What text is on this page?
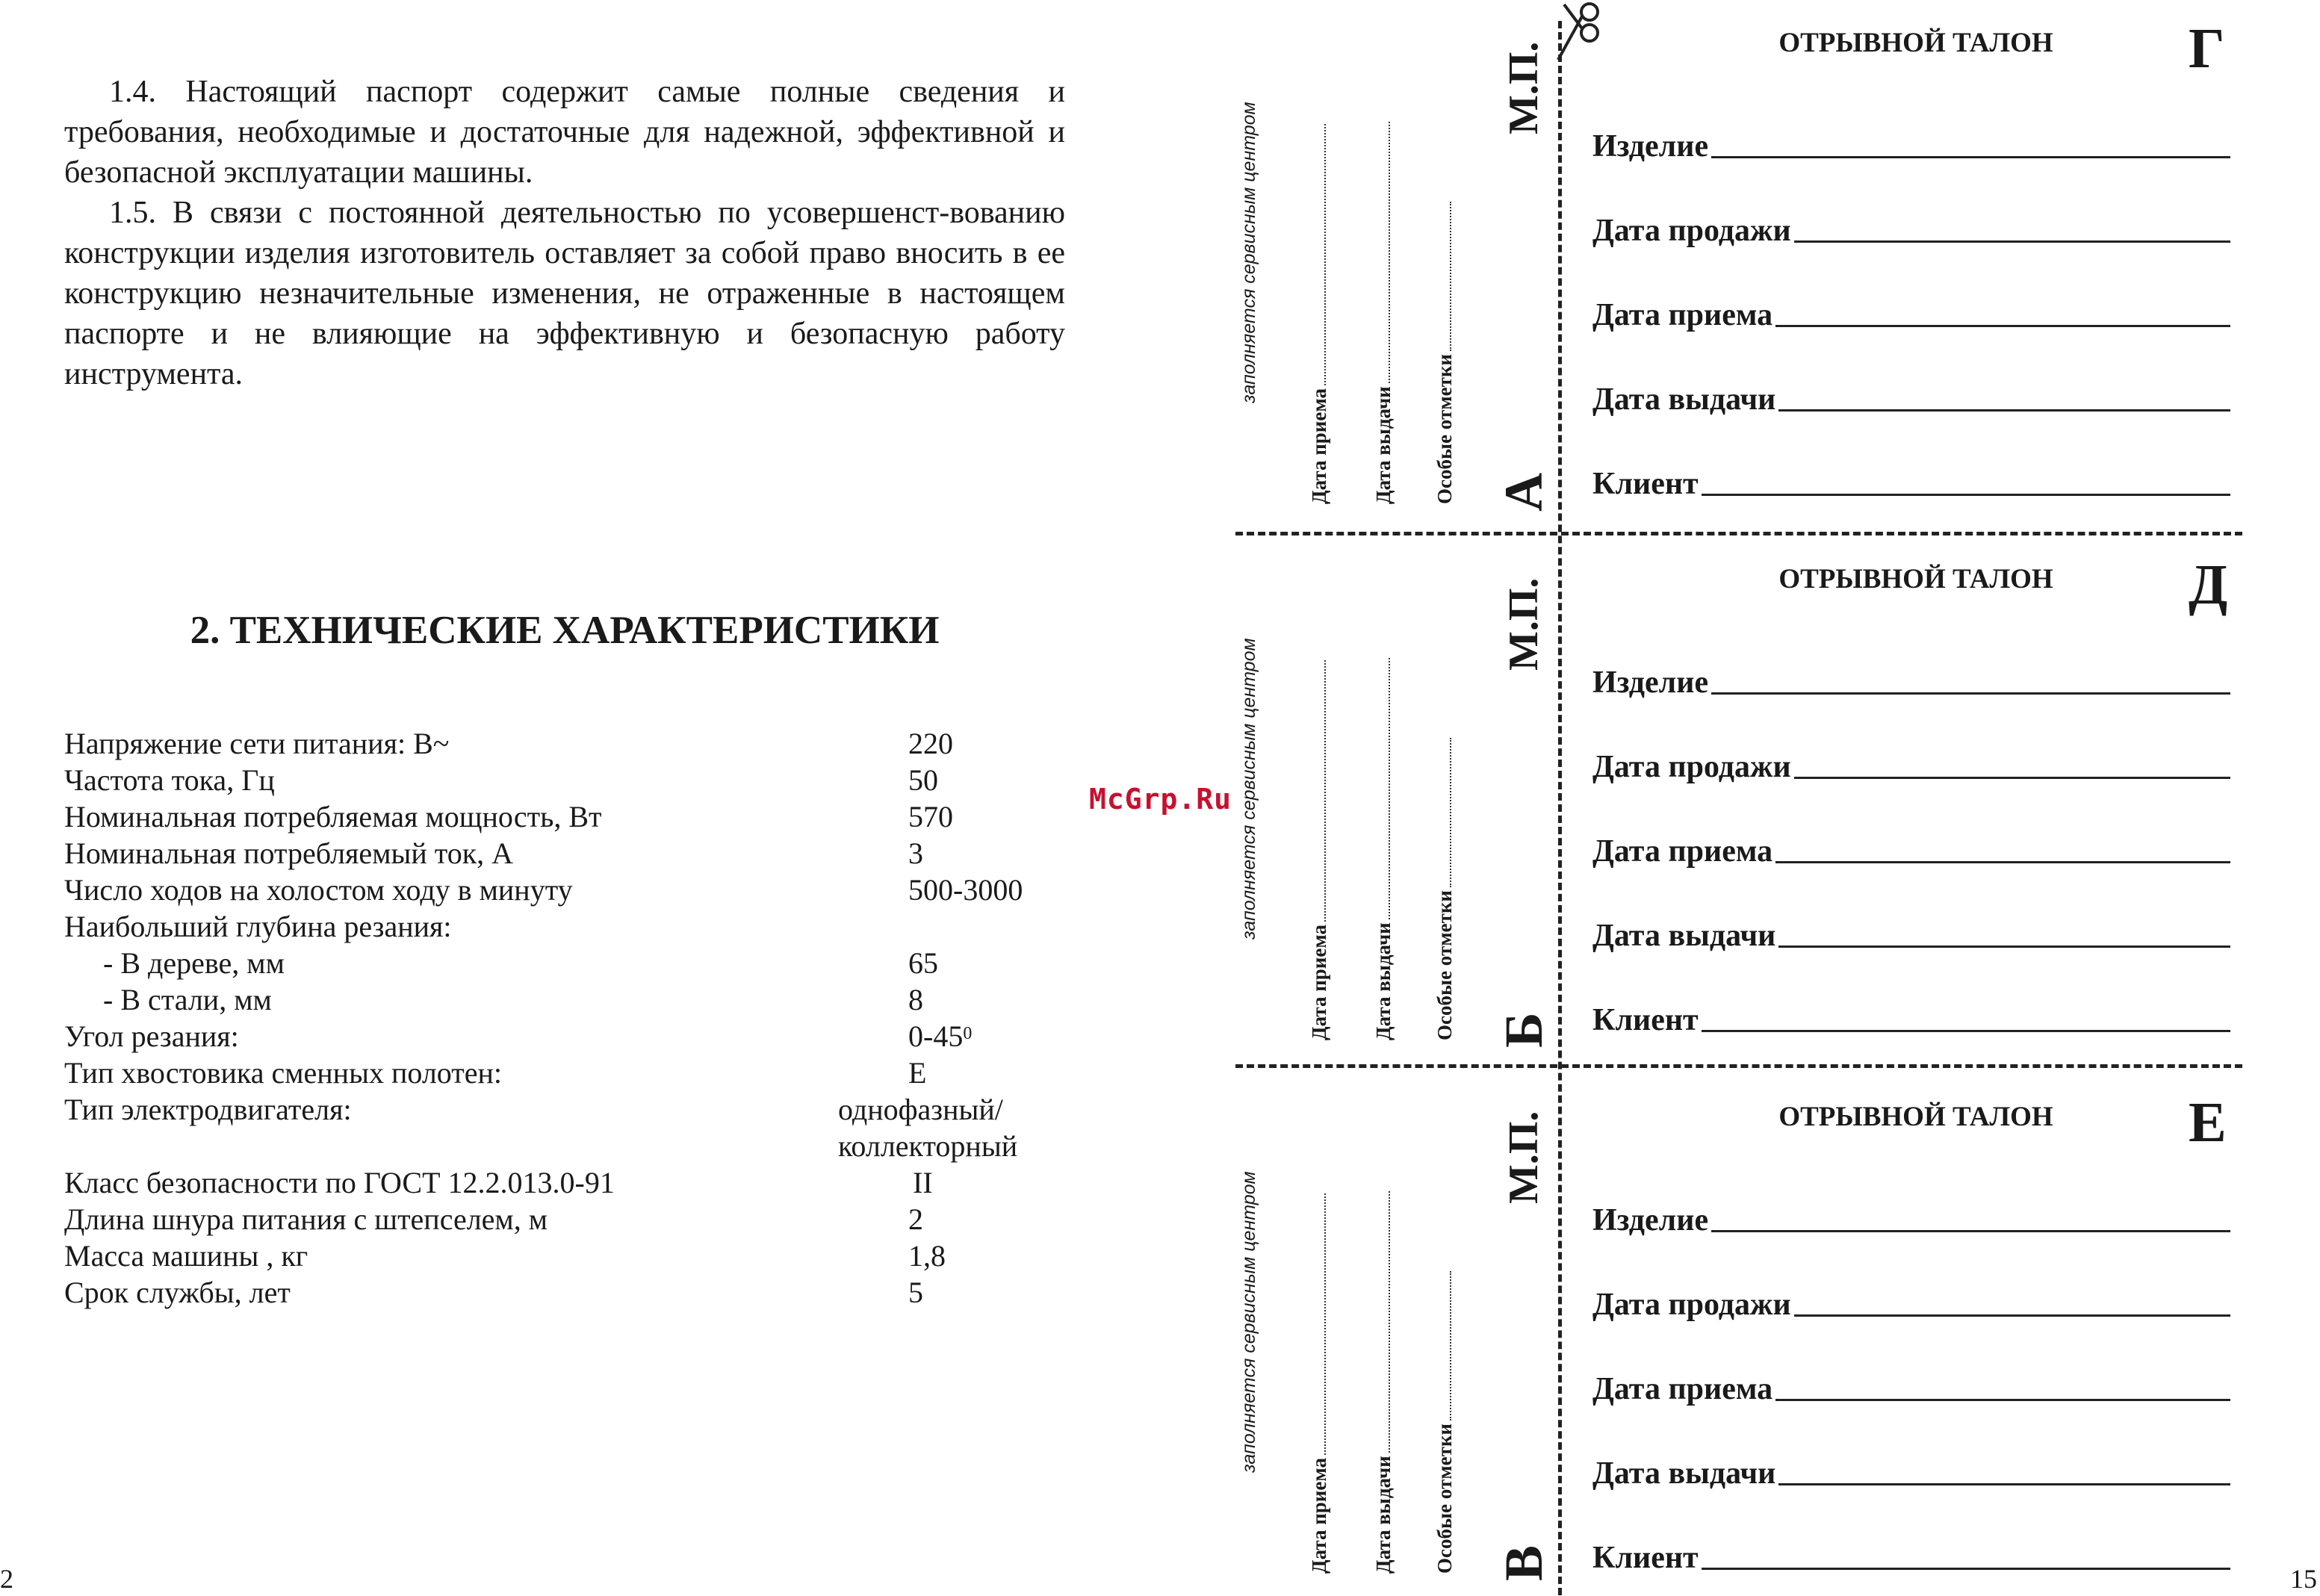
1.4. Настоящий паспорт содержит самые полные сведения и требования, необходимые и достаточные для надежной, эффективной и безопасной эксплуатации машины.

1.5. В связи с постоянной деятельностью по усовершенст-вованию конструкции изделия изготовитель оставляет за собой право вносить в ее конструкцию незначительные изменения, не отраженные в настоящем паспорте и не влияющие на эффективную и безопасную работу инструмента.

2. ТЕХНИЧЕСКИЕ ХАРАКТЕРИСТИКИ
Напряжение сети питания: В~	220
Частота тока, Гц	50
Номинальная потребляемая мощность, Вт	570
Номинальная потребляемый ток, А	3
Число ходов на холостом ходу в минуту	500-3000
Наибольший глубина резания:
- В дереве, мм	65
- В стали, мм	8
Угол резания:	$0-45^0$
Тип хвостовика сменных полотен:	Е
Тип электродвигателя:	однофазный/
коллекторный
Класс безопасности по ГОСТ 12.2.013.0-91	II
Длина шнура питания с штепселем, м	2
Масса машины , кг	1,8
Срок службы, лет	5
2
McGrp.Ru
заполняется сервисным центром
Дата приема Дата выдачи Особые отметки
М.П.
А
заполняется сервисным центром
Дата приема Дата выдачи Особые отметки
М.П.
Б
заполняется сервисным центром
Дата приема Дата выдачи Особые отметки
М.П.
В
ОТРЫВНОЙ ТАЛОН	Г
Изделие
Дата продажи
Дата приема
Дата выдачи
Клиент
ОТРЫВНОЙ ТАЛОН	Д
Изделие
Дата продажи
Дата приема
Дата выдачи
Клиент
ОТРЫВНОЙ ТАЛОН	Е
Изделие
Дата продажи
Дата приема
Дата выдачи
Клиент
15
